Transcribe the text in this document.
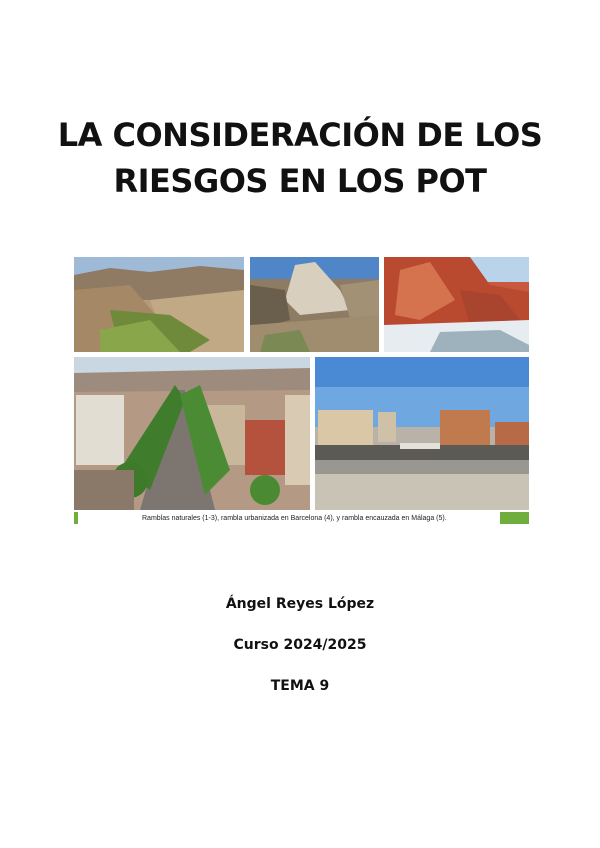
LA CONSIDERACIÓN DE LOS
RIESGOS EN LOS POT
Ramblas naturales (1-3), rambla urbanizada en Barcelona (4), y rambla encauzada en Málaga (5).
Ángel Reyes López
Curso 2024/2025
TEMA 9
